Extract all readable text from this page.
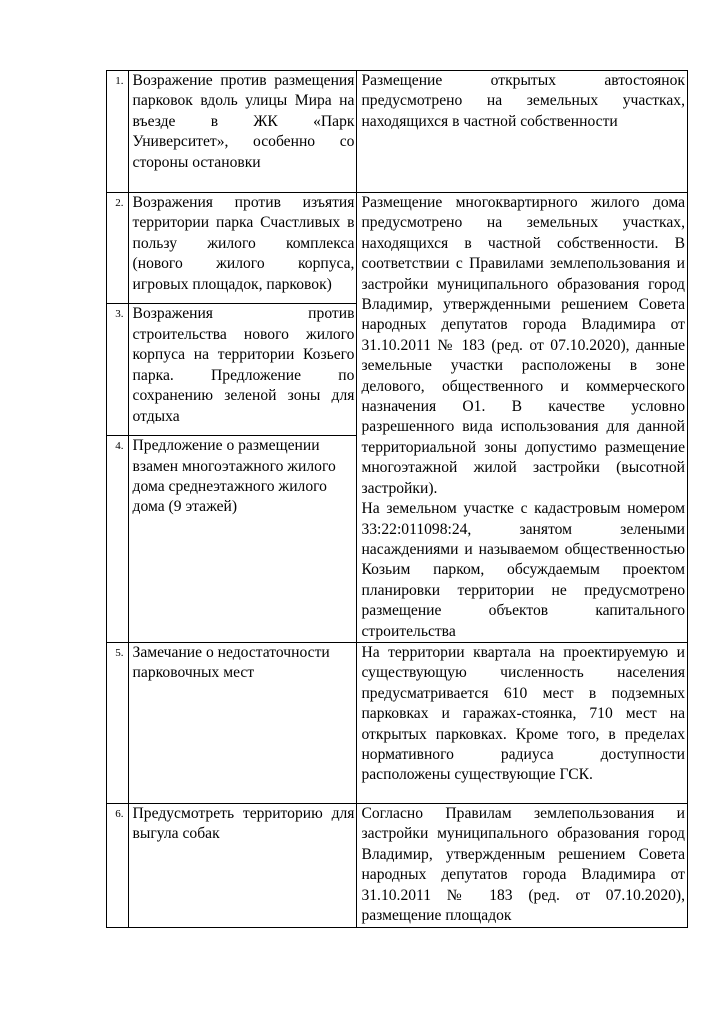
1.	Возражение против размещения парковок вдоль улицы Мира на въезде в ЖК «Парк Университет», особенно со стороны остановки	Размещение открытых автостоянок предусмотрено на земельных участках, находящихся в частной собственности
2.	Возражения против изъятия территории парка Счастливых в пользу жилого комплекса (нового жилого корпуса, игровых площадок, парковок)	Размещение многоквартирного жилого дома предусмотрено на земельных участках, находящихся в частной собственности. В соответствии с Правилами землепользования и застройки муниципального образования город Владимир, утвержденными решением Совета народных депутатов города Владимира от 31.10.2011 № 183 (ред. от 07.10.2020), данные земельные участки расположены в зоне делового, общественного и коммерческого назначения О1. В качестве условно разрешенного вида использования для данной территориальной зоны допустимо размещение многоэтажной жилой застройки (высотной застройки).
На земельном участке с кадастровым номером 33:22:011098:24, занятом зелеными насаждениями и называемом общественностью Козьим парком, обсуждаемым проектом планировки территории не предусмотрено размещение объектов капитального строительства

3.	Возражения против строительства нового жилого корпуса на территории Козьего парка. Предложение по сохранению зеленой зоны для отдыха	
4.	Предложение о размещении взамен многоэтажного жилого дома среднеэтажного жилого дома (9 этажей)	
5.	Замечание о недостаточности парковочных мест	На территории квартала на проектируемую и существующую численность населения предусматривается 610 мест в подземных парковках и гаражах-стоянка, 710 мест на открытых парковках. Кроме того, в пределах нормативного радиуса доступности расположены существующие ГСК.
6.	Предусмотреть территорию для выгула собак	Согласно Правилам землепользования и застройки муниципального образования город Владимир, утвержденным решением Совета народных депутатов города Владимира от 31.10.2011 № 183 (ред. от 07.10.2020), размещение площадок
